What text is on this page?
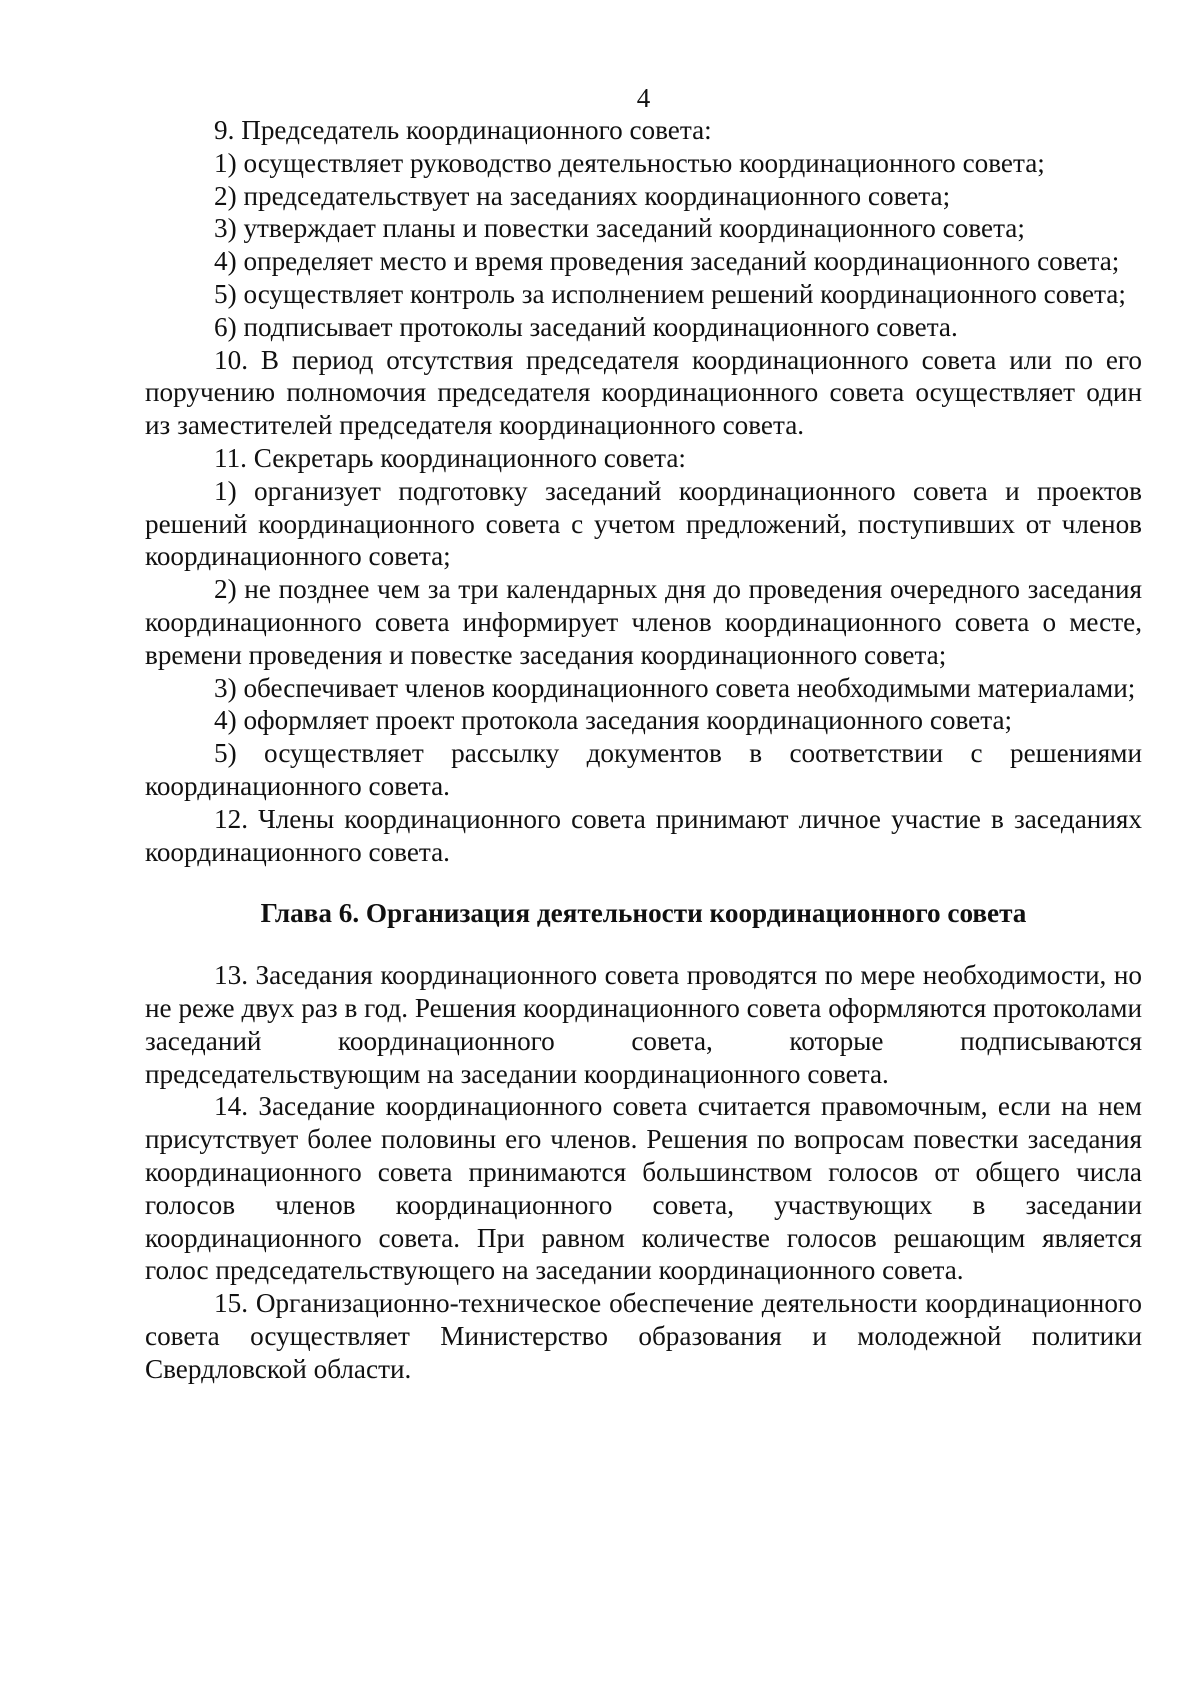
4

9. Председатель координационного совета:

1) осуществляет руководство деятельностью координационного совета;

2) председательствует на заседаниях координационного совета;

3) утверждает планы и повестки заседаний координационного совета;

4) определяет место и время проведения заседаний координационного совета;

5) осуществляет контроль за исполнением решений координационного совета;

6) подписывает протоколы заседаний координационного совета.

10. В период отсутствия председателя координационного совета или по его поручению полномочия председателя координационного совета осуществляет один из заместителей председателя координационного совета.

11. Секретарь координационного совета:

1) организует подготовку заседаний координационного совета и проектов решений координационного совета с учетом предложений, поступивших от членов координационного совета;

2) не позднее чем за три календарных дня до проведения очередного заседания координационного совета информирует членов координационного совета о месте, времени проведения и повестке заседания координационного совета;

3) обеспечивает членов координационного совета необходимыми материалами;

4) оформляет проект протокола заседания координационного совета;

5) осуществляет рассылку документов в соответствии с решениями координационного совета.

12. Члены координационного совета принимают личное участие в заседаниях координационного совета.

Глава 6. Организация деятельности координационного совета

13. Заседания координационного совета проводятся по мере необходимости, но не реже двух раз в год. Решения координационного совета оформляются протоколами заседаний координационного совета, которые подписываются председательствующим на заседании координационного совета.

14. Заседание координационного совета считается правомочным, если на нем присутствует более половины его членов. Решения по вопросам повестки заседания координационного совета принимаются большинством голосов от общего числа голосов членов координационного совета, участвующих в заседании координационного совета. При равном количестве голосов решающим является голос председательствующего на заседании координационного совета.

15. Организационно-техническое обеспечение деятельности координационного совета осуществляет Министерство образования и молодежной политики Свердловской области.
